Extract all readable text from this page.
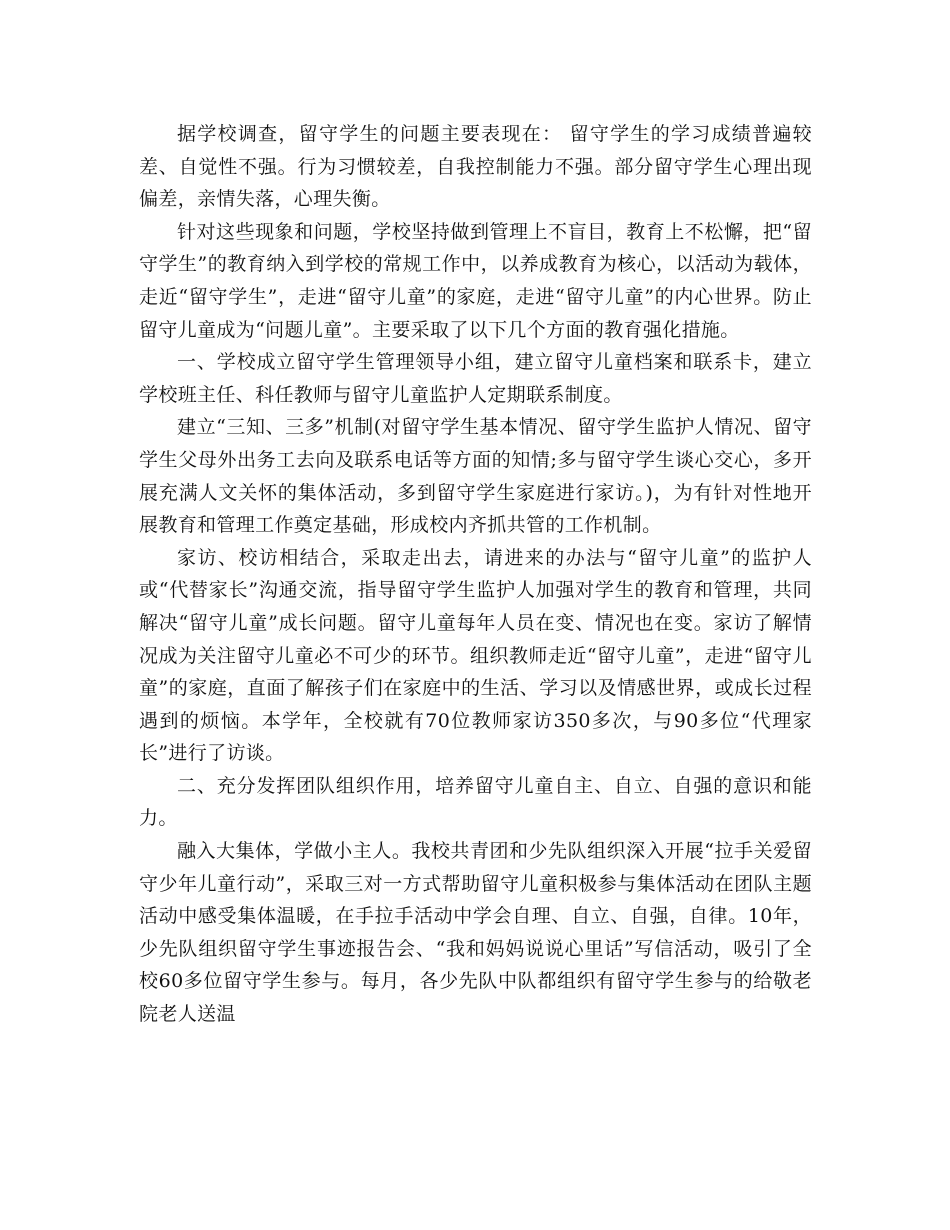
据学校调查，留守学生的问题主要表现在： 留守学生的学习成绩普遍较差、自觉性不强。行为习惯较差，自我控制能力不强。部分留守学生心理出现偏差，亲情失落，心理失衡。

针对这些现象和问题，学校坚持做到管理上不盲目，教育上不松懈，把“留守学生”的教育纳入到学校的常规工作中，以养成教育为核心，以活动为载体，走近“留守学生”，走进“留守儿童”的家庭，走进“留守儿童”的内心世界。防止留守儿童成为“问题儿童”。主要采取了以下几个方面的教育强化措施。

一、学校成立留守学生管理领导小组，建立留守儿童档案和联系卡，建立学校班主任、科任教师与留守儿童监护人定期联系制度。

建立“三知、三多”机制(对留守学生基本情况、留守学生监护人情况、留守学生父母外出务工去向及联系电话等方面的知情;多与留守学生谈心交心，多开展充满人文关怀的集体活动，多到留守学生家庭进行家访。)，为有针对性地开展教育和管理工作奠定基础，形成校内齐抓共管的工作机制。

家访、校访相结合，采取走出去，请进来的办法与“留守儿童”的监护人或“代替家长”沟通交流，指导留守学生监护人加强对学生的教育和管理，共同解决“留守儿童”成长问题。留守儿童每年人员在变、情况也在变。家访了解情况成为关注留守儿童必不可少的环节。组织教师走近“留守儿童”，走进“留守儿童”的家庭，直面了解孩子们在家庭中的生活、学习以及情感世界，或成长过程遇到的烦恼。本学年，全校就有70位教师家访350多次，与90多位“代理家长”进行了访谈。

二、充分发挥团队组织作用，培养留守儿童自主、自立、自强的意识和能力。

融入大集体，学做小主人。我校共青团和少先队组织深入开展“拉手关爱留守少年儿童行动”，采取三对一方式帮助留守儿童积极参与集体活动在团队主题活动中感受集体温暖，在手拉手活动中学会自理、自立、自强，自律。10年，少先队组织留守学生事迹报告会、“我和妈妈说说心里话”写信活动，吸引了全校60多位留守学生参与。每月，各少先队中队都组织有留守学生参与的给敬老院老人送温
